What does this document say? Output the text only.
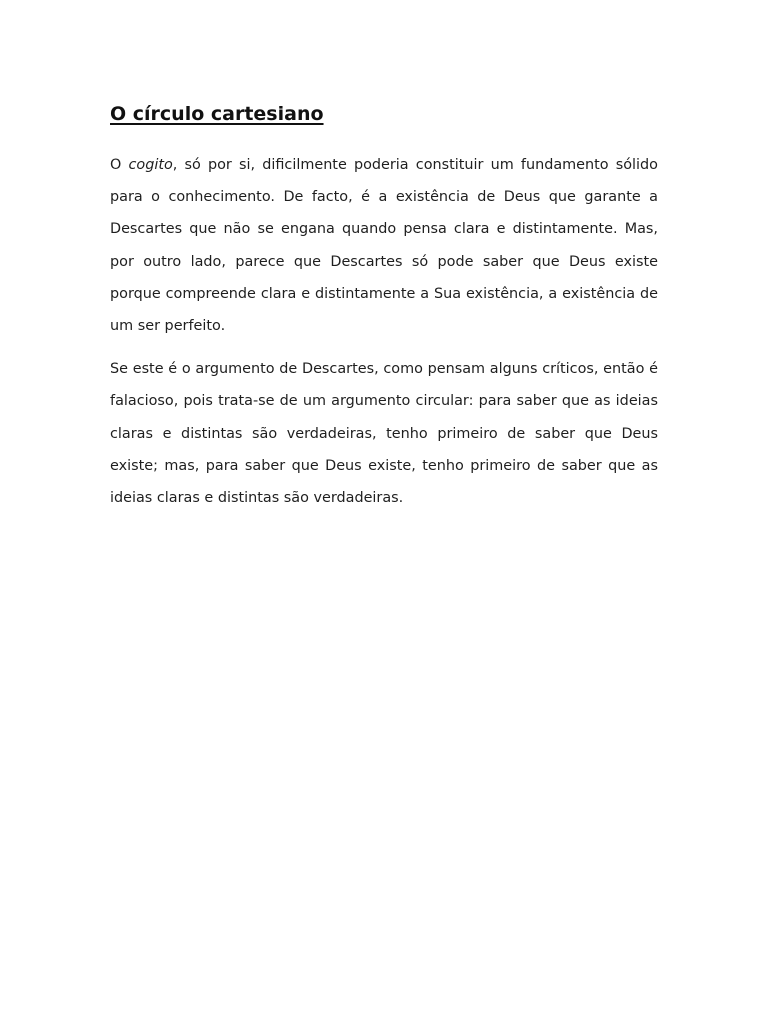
O círculo cartesiano

O cogito, só por si, dificilmente poderia constituir um fundamento sólido para o conhecimento. De facto, é a existência de Deus que garante a Descartes que não se engana quando pensa clara e distintamente. Mas, por outro lado, parece que Descartes só pode saber que Deus existe porque compreende clara e distintamente a Sua existência, a existência de um ser perfeito.

Se este é o argumento de Descartes, como pensam alguns críticos, então é falacioso, pois trata-se de um argumento circular: para saber que as ideias claras e distintas são verdadeiras, tenho primeiro de saber que Deus existe; mas, para saber que Deus existe, tenho primeiro de saber que as ideias claras e distintas são verdadeiras.
